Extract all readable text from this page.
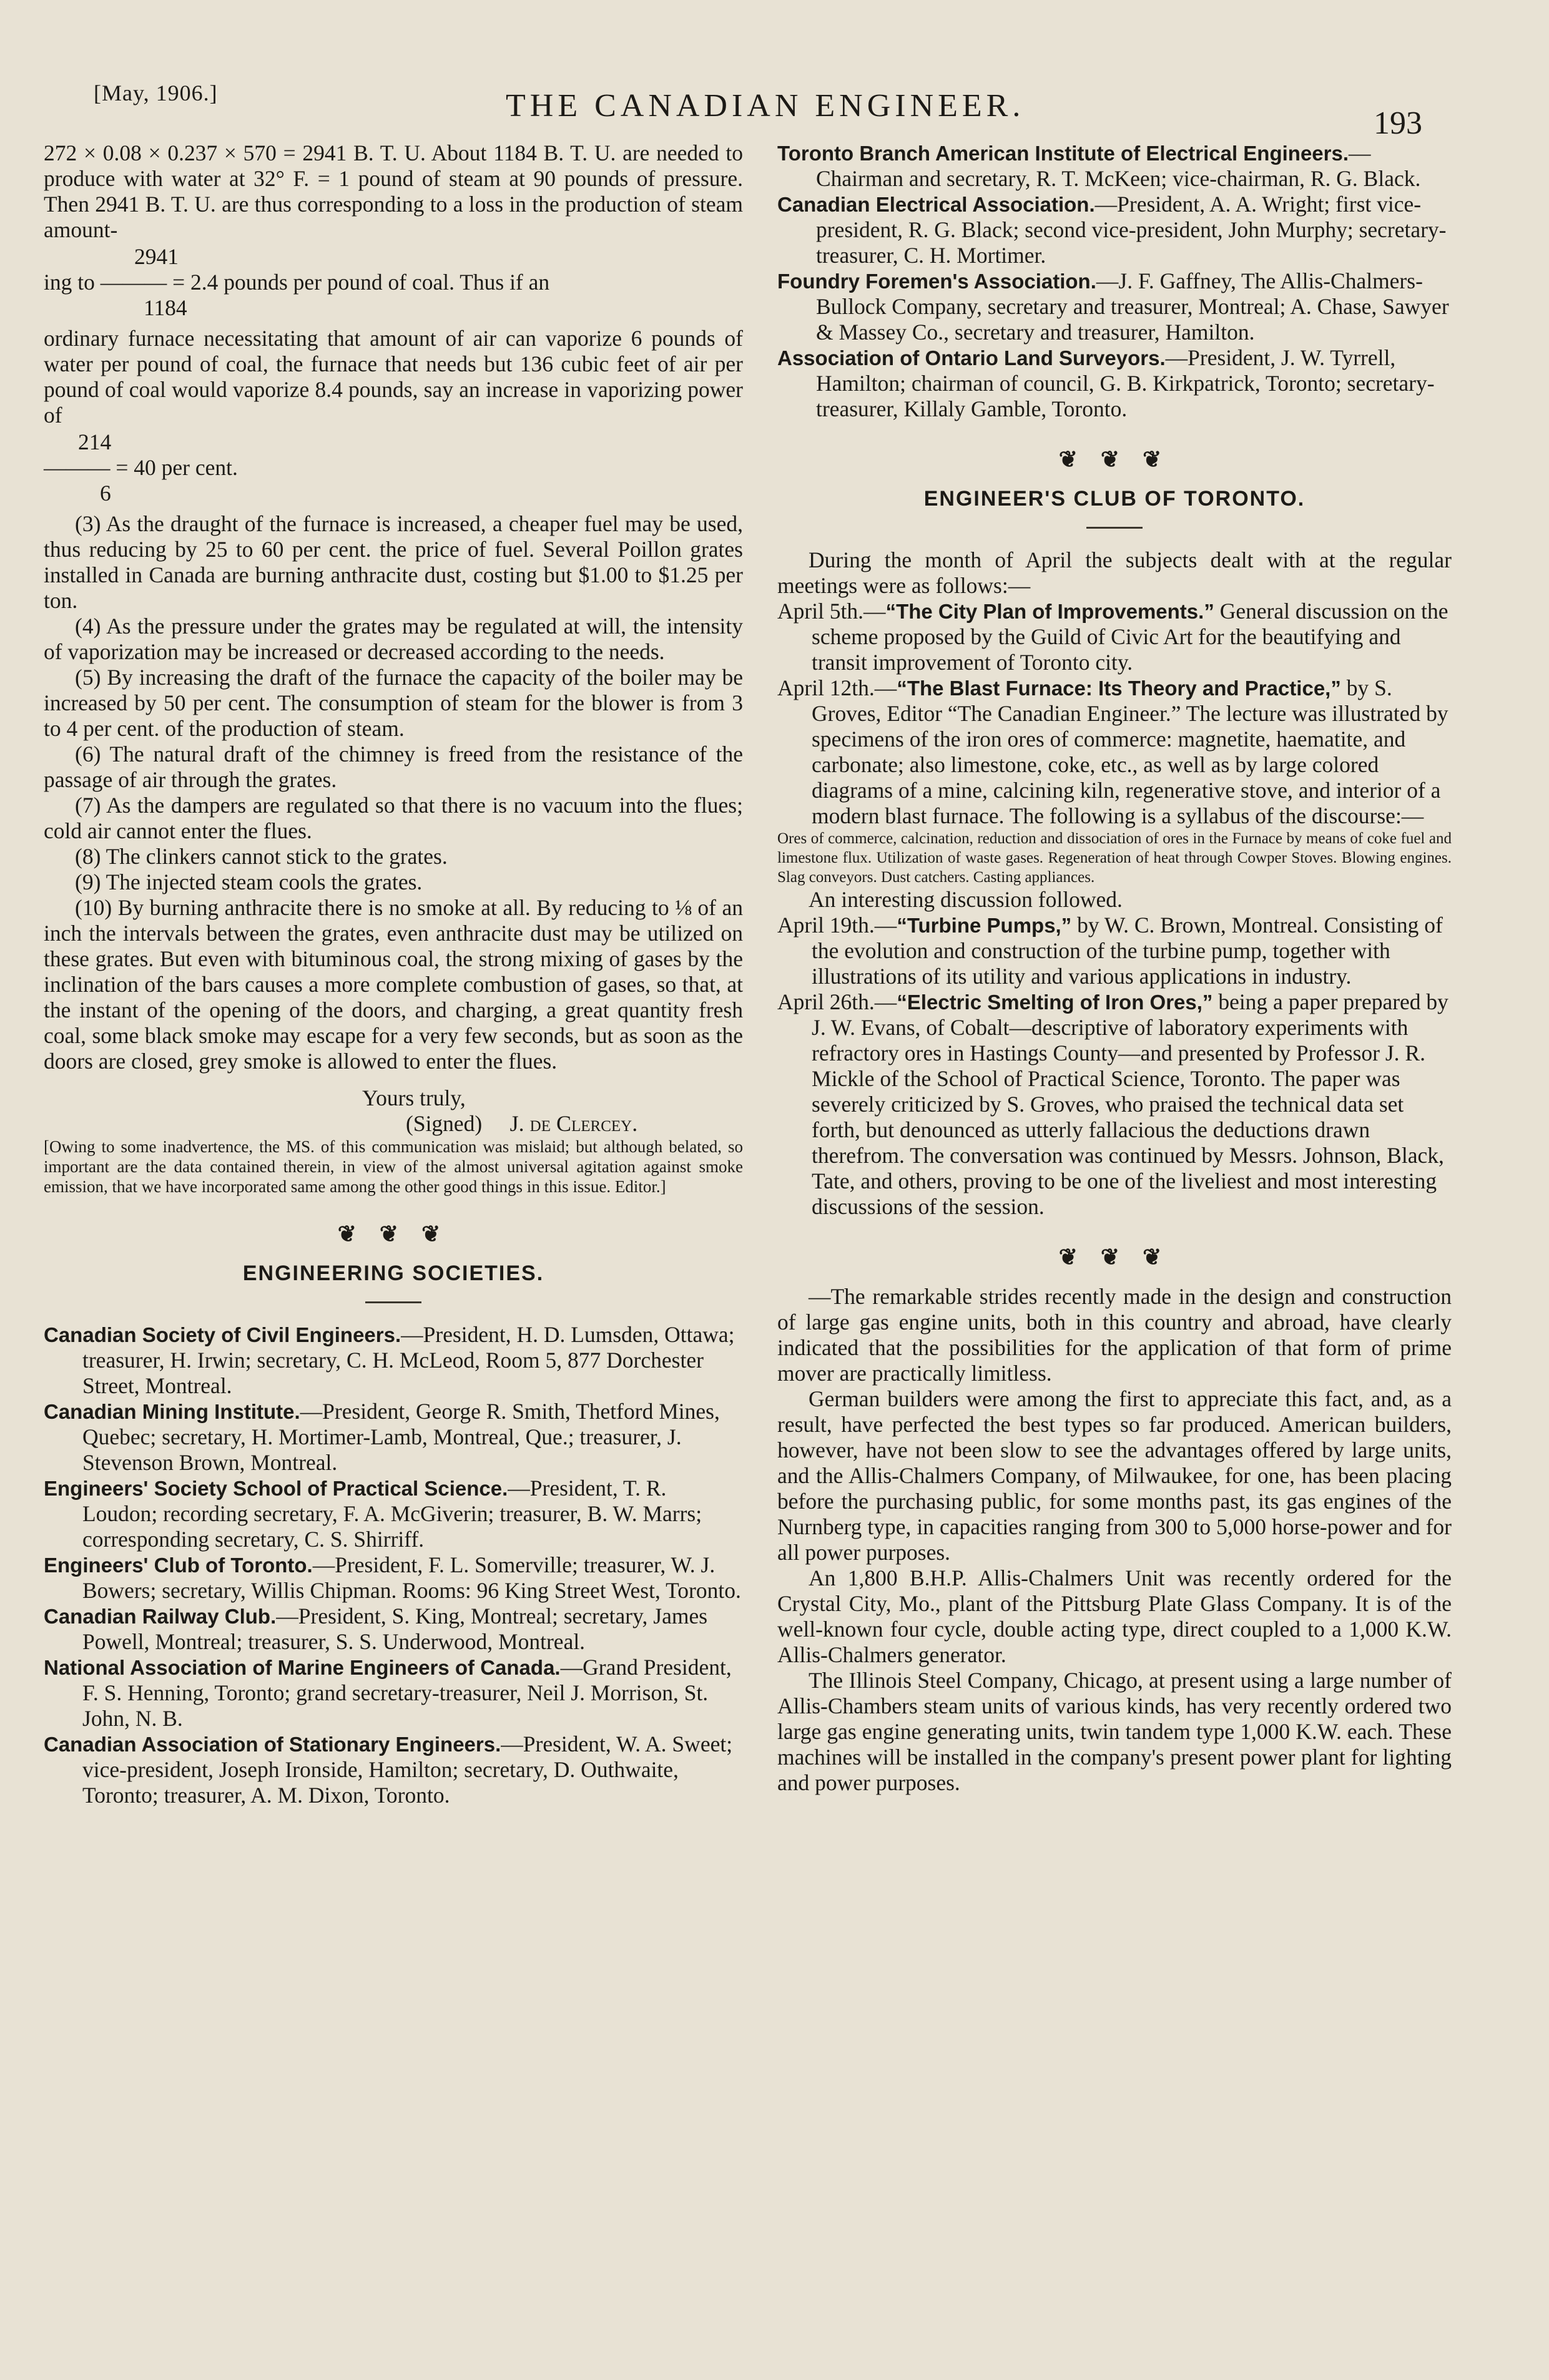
[May, 1906.]	THE CANADIAN ENGINEER.	193

272 × 0.08 × 0.237 × 570 = 2941 B. T. U. About 1184 B. T. U. are needed to produce with water at 32° F. = 1 pound of steam at 90 pounds of pressure. Then 2941 B. T. U. are thus corresponding to a loss in the production of steam amount-

2941
ing to ——— = 2.4 pounds per pound of coal. Thus if an
1184

ordinary furnace necessitating that amount of air can vaporize 6 pounds of water per pound of coal, the furnace that needs but 136 cubic feet of air per pound of coal would vaporize 8.4 pounds, say an increase in vaporizing power of

214
——— = 40 per cent.
6

(3) As the draught of the furnace is increased, a cheaper fuel may be used, thus reducing by 25 to 60 per cent. the price of fuel. Several Poillon grates installed in Canada are burning anthracite dust, costing but $1.00 to $1.25 per ton.

(4) As the pressure under the grates may be regulated at will, the intensity of vaporization may be increased or decreased according to the needs.

(5) By increasing the draft of the furnace the capacity of the boiler may be increased by 50 per cent. The consumption of steam for the blower is from 3 to 4 per cent. of the production of steam.

(6) The natural draft of the chimney is freed from the resistance of the passage of air through the grates.

(7) As the dampers are regulated so that there is no vacuum into the flues; cold air cannot enter the flues.

(8) The clinkers cannot stick to the grates.

(9) The injected steam cools the grates.

(10) By burning anthracite there is no smoke at all. By reducing to ⅛ of an inch the intervals between the grates, even anthracite dust may be utilized on these grates. But even with bituminous coal, the strong mixing of gases by the inclination of the bars causes a more complete combustion of gases, so that, at the instant of the opening of the doors, and charging, a great quantity fresh coal, some black smoke may escape for a very few seconds, but as soon as the doors are closed, grey smoke is allowed to enter the flues.

Yours truly,
(Signed) J. de Clercey.

[Owing to some inadvertence, the MS. of this communication was mislaid; but although belated, so important are the data contained therein, in view of the almost universal agitation against smoke emission, that we have incorporated same among the other good things in this issue. Editor.]

❦ ❦ ❦
ENGINEERING SOCIETIES.

Canadian Society of Civil Engineers.—President, H. D. Lumsden, Ottawa; treasurer, H. Irwin; secretary, C. H. McLeod, Room 5, 877 Dorchester Street, Montreal.

Canadian Mining Institute.—President, George R. Smith, Thetford Mines, Quebec; secretary, H. Mortimer-Lamb, Montreal, Que.; treasurer, J. Stevenson Brown, Montreal.

Engineers' Society School of Practical Science.—President, T. R. Loudon; recording secretary, F. A. McGiverin; treasurer, B. W. Marrs; corresponding secretary, C. S. Shirriff.

Engineers' Club of Toronto.—President, F. L. Somerville; treasurer, W. J. Bowers; secretary, Willis Chipman. Rooms: 96 King Street West, Toronto.

Canadian Railway Club.—President, S. King, Montreal; secretary, James Powell, Montreal; treasurer, S. S. Underwood, Montreal.

National Association of Marine Engineers of Canada.—Grand President, F. S. Henning, Toronto; grand secretary-treasurer, Neil J. Morrison, St. John, N. B.

Canadian Association of Stationary Engineers.—President, W. A. Sweet; vice-president, Joseph Ironside, Hamilton; secretary, D. Outhwaite, Toronto; treasurer, A. M. Dixon, Toronto.

Toronto Branch American Institute of Electrical Engineers.—Chairman and secretary, R. T. McKeen; vice-chairman, R. G. Black.

Canadian Electrical Association.—President, A. A. Wright; first vice-president, R. G. Black; second vice-president, John Murphy; secretary-treasurer, C. H. Mortimer.

Foundry Foremen's Association.—J. F. Gaffney, The Allis-Chalmers-Bullock Company, secretary and treasurer, Montreal; A. Chase, Sawyer & Massey Co., secretary and treasurer, Hamilton.

Association of Ontario Land Surveyors.—President, J. W. Tyrrell, Hamilton; chairman of council, G. B. Kirkpatrick, Toronto; secretary-treasurer, Killaly Gamble, Toronto.

❦ ❦ ❦
ENGINEER'S CLUB OF TORONTO.

During the month of April the subjects dealt with at the regular meetings were as follows:—

April 5th.—“The City Plan of Improvements.” General discussion on the scheme proposed by the Guild of Civic Art for the beautifying and transit improvement of Toronto city.

April 12th.—“The Blast Furnace: Its Theory and Practice,” by S. Groves, Editor “The Canadian Engineer.” The lecture was illustrated by specimens of the iron ores of commerce: magnetite, haematite, and carbonate; also limestone, coke, etc., as well as by large colored diagrams of a mine, calcining kiln, regenerative stove, and interior of a modern blast furnace. The following is a syllabus of the discourse:—

Ores of commerce, calcination, reduction and dissociation of ores in the Furnace by means of coke fuel and limestone flux. Utilization of waste gases. Regeneration of heat through Cowper Stoves. Blowing engines. Slag conveyors. Dust catchers. Casting appliances.

An interesting discussion followed.

April 19th.—“Turbine Pumps,” by W. C. Brown, Montreal. Consisting of the evolution and construction of the turbine pump, together with illustrations of its utility and various applications in industry.

April 26th.—“Electric Smelting of Iron Ores,” being a paper prepared by J. W. Evans, of Cobalt—descriptive of laboratory experiments with refractory ores in Hastings County—and presented by Professor J. R. Mickle of the School of Practical Science, Toronto. The paper was severely criticized by S. Groves, who praised the technical data set forth, but denounced as utterly fallacious the deductions drawn therefrom. The conversation was continued by Messrs. Johnson, Black, Tate, and others, proving to be one of the liveliest and most interesting discussions of the session.

❦ ❦ ❦

—The remarkable strides recently made in the design and construction of large gas engine units, both in this country and abroad, have clearly indicated that the possibilities for the application of that form of prime mover are practically limitless.

German builders were among the first to appreciate this fact, and, as a result, have perfected the best types so far produced. American builders, however, have not been slow to see the advantages offered by large units, and the Allis-Chalmers Company, of Milwaukee, for one, has been placing before the purchasing public, for some months past, its gas engines of the Nurnberg type, in capacities ranging from 300 to 5,000 horse-power and for all power purposes.

An 1,800 B.H.P. Allis-Chalmers Unit was recently ordered for the Crystal City, Mo., plant of the Pittsburg Plate Glass Company. It is of the well-known four cycle, double acting type, direct coupled to a 1,000 K.W. Allis-Chalmers generator.

The Illinois Steel Company, Chicago, at present using a large number of Allis-Chambers steam units of various kinds, has very recently ordered two large gas engine generating units, twin tandem type 1,000 K.W. each. These machines will be installed in the company's present power plant for lighting and power purposes.
